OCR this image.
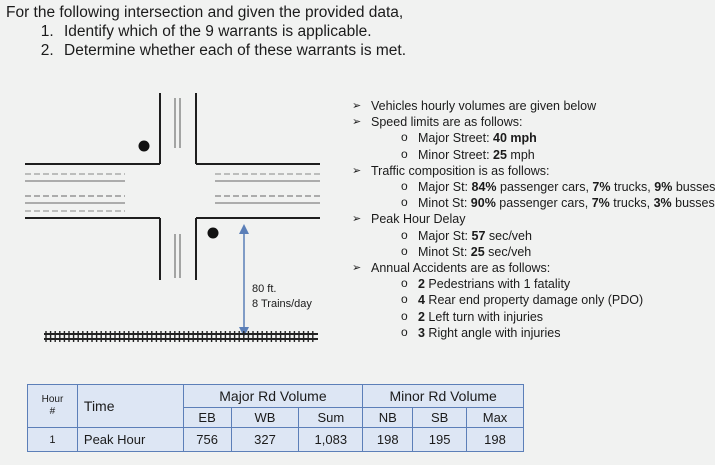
For the following intersection and given the provided data,
1. Identify which of the 9 warrants is applicable.
2. Determine whether each of these warrants is met.
80 ft.
8 Trains/day
➢ Vehicles hourly volumes are given below
➢ Speed limits are as follows:
o Major Street: 40 mph
o Minor Street: 25 mph
➢ Traffic composition is as follows:
o Major St: 84% passenger cars, 7% trucks, 9% busses
o Minot St: 90% passenger cars, 7% trucks, 3% busses
➢ Peak Hour Delay
o Major St: 57 sec/veh
o Minot St: 25 sec/veh
➢ Annual Accidents are as follows:
o 2 Pedestrians with 1 fatality
o 4 Rear end property damage only (PDO)
o 2 Left turn with injuries
o 3 Right angle with injuries
Hour
#	Time	Major Rd Volume			Minor Rd Volume		
		EB	WB	Sum	NB	SB	Max
1	Peak Hour	756	327	1,083	198	195	198
